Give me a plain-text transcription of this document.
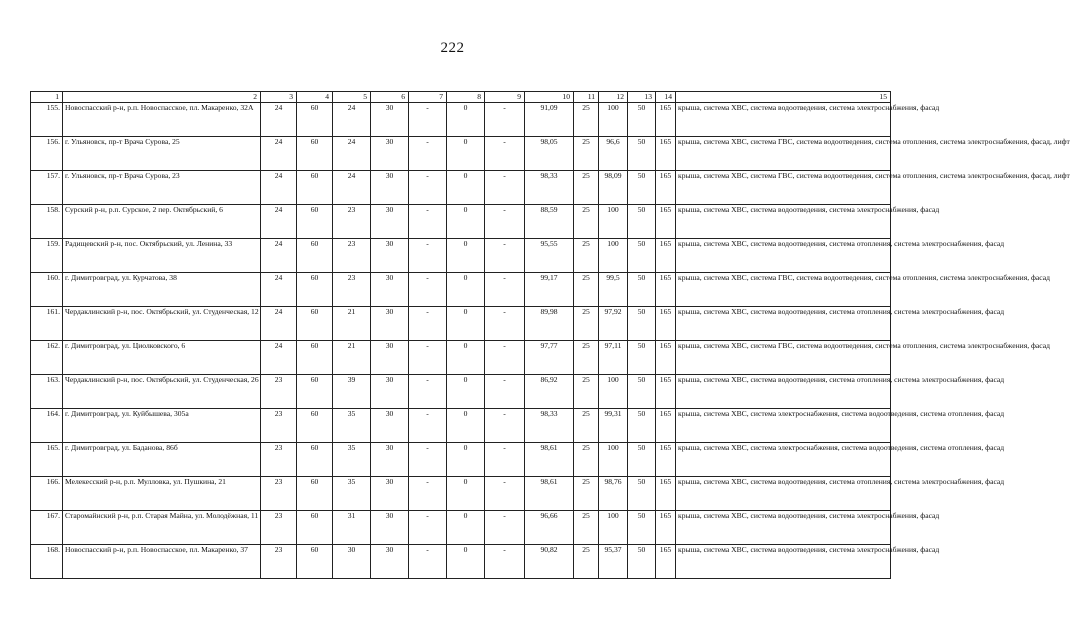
222
1	2	3	4	5	6	7	8	9	10	11	12	13	14	15
155.	Новоспасский р-н, р.п. Новоспасское, пл. Макаренко, 32А	24	60	24	30	-	0	-	91,09	25	100	50	165	крыша, система ХВС, система водоотведения, система электроснабжения, фасад
156.	г. Ульяновск, пр-т Врача Сурова, 25	24	60	24	30	-	0	-	98,05	25	96,6	50	165	крыша, система ХВС, система ГВС, система водоотведения, система отопления, система электроснабжения, фасад, лифт
157.	г. Ульяновск, пр-т Врача Сурова, 23	24	60	24	30	-	0	-	98,33	25	98,09	50	165	крыша, система ХВС, система ГВС, система водоотведения, система отопления, система электроснабжения, фасад, лифт
158.	Сурский р-н, р.п. Сурское, 2 пер. Октябрьский, 6	24	60	23	30	-	0	-	88,59	25	100	50	165	крыша, система ХВС, система водоотведения, система электроснабжения, фасад
159.	Радищевский р-н, пос. Октябрьский, ул. Ленина, 33	24	60	23	30	-	0	-	95,55	25	100	50	165	крыша, система ХВС, система водоотведения, система отопления, система электроснабжения, фасад
160.	г. Димитровград, ул. Курчатова, 38	24	60	23	30	-	0	-	99,17	25	99,5	50	165	крыша, система ХВС, система ГВС, система водоотведения, система отопления, система электроснабжения, фасад
161.	Чердаклинский р-н, пос. Октябрьский, ул. Студенческая, 12	24	60	21	30	-	0	-	89,98	25	97,92	50	165	крыша, система ХВС, система водоотведения, система отопления, система электроснабжения, фасад
162.	г. Димитровград, ул. Циолковского, 6	24	60	21	30	-	0	-	97,77	25	97,11	50	165	крыша, система ХВС, система ГВС, система водоотведения, система отопления, система электроснабжения, фасад
163.	Чердаклинский р-н, пос. Октябрьский, ул. Студенческая, 26	23	60	39	30	-	0	-	86,92	25	100	50	165	крыша, система ХВС, система водоотведения, система отопления, система электроснабжения, фасад
164.	г. Димитровград, ул. Куйбышева, 305а	23	60	35	30	-	0	-	98,33	25	99,31	50	165	крыша, система ХВС, система электроснабжения, система водоотведения, система отопления, фасад
165.	г. Димитровград, ул. Баданова, 86б	23	60	35	30	-	0	-	98,61	25	100	50	165	крыша, система ХВС, система электроснабжения, система водоотведения, система отопления, фасад
166.	Мелекесский р-н, р.п. Мулловка, ул. Пушкина, 21	23	60	35	30	-	0	-	98,61	25	98,76	50	165	крыша, система ХВС, система водоотведения, система отопления, система электроснабжения, фасад
167.	Старомайнский р-н, р.п. Старая Майна, ул. Молодёжная, 11	23	60	31	30	-	0	-	96,66	25	100	50	165	крыша, система ХВС, система водоотведения, система электроснабжения, фасад
168.	Новоспасский р-н, р.п. Новоспасское, пл. Макаренко, 37	23	60	30	30	-	0	-	90,82	25	95,37	50	165	крыша, система ХВС, система водоотведения, система электроснабжения, фасад
